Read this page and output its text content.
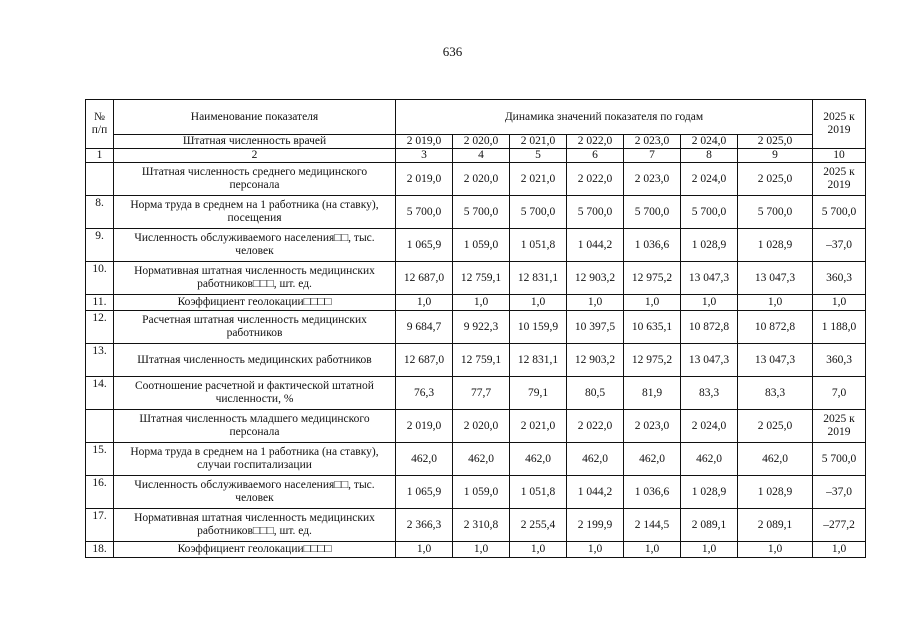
636
№ п/п	Наименование показателя	Динамика значений показателя по годам							2025 к 2019
	Штатная численность врачей	2 019,0	2 020,0	2 021,0	2 022,0	2 023,0	2 024,0	2 025,0	
1	2	3	4	5	6	7	8	9	10
	Штатная численность среднего медицинского персонала	2 019,0	2 020,0	2 021,0	2 022,0	2 023,0	2 024,0	2 025,0	2025 к 2019
8.	Норма труда в среднем на 1 работника (на ставку), посещения	5 700,0	5 700,0	5 700,0	5 700,0	5 700,0	5 700,0	5 700,0	5 700,0
9.	Численность обслуживаемого населения□□, тыс. человек	1 065,9	1 059,0	1 051,8	1 044,2	1 036,6	1 028,9	1 028,9	–37,0
10.	Нормативная штатная численность медицинских работников□□□, шт. ед.	12 687,0	12 759,1	12 831,1	12 903,2	12 975,2	13 047,3	13 047,3	360,3
11.	Коэффициент геолокации□□□□	1,0	1,0	1,0	1,0	1,0	1,0	1,0	1,0
12.	Расчетная штатная численность медицинских работников	9 684,7	9 922,3	10 159,9	10 397,5	10 635,1	10 872,8	10 872,8	1 188,0
13.	Штатная численность медицинских работников	12 687,0	12 759,1	12 831,1	12 903,2	12 975,2	13 047,3	13 047,3	360,3
14.	Соотношение расчетной и фактической штатной численности, %	76,3	77,7	79,1	80,5	81,9	83,3	83,3	7,0
	Штатная численность младшего медицинского персонала	2 019,0	2 020,0	2 021,0	2 022,0	2 023,0	2 024,0	2 025,0	2025 к 2019
15.	Норма труда в среднем на 1 работника (на ставку), случаи госпитализации	462,0	462,0	462,0	462,0	462,0	462,0	462,0	5 700,0
16.	Численность обслуживаемого населения□□, тыс. человек	1 065,9	1 059,0	1 051,8	1 044,2	1 036,6	1 028,9	1 028,9	–37,0
17.	Нормативная штатная численность медицинских работников□□□, шт. ед.	2 366,3	2 310,8	2 255,4	2 199,9	2 144,5	2 089,1	2 089,1	–277,2
18.	Коэффициент геолокации□□□□	1,0	1,0	1,0	1,0	1,0	1,0	1,0	1,0
